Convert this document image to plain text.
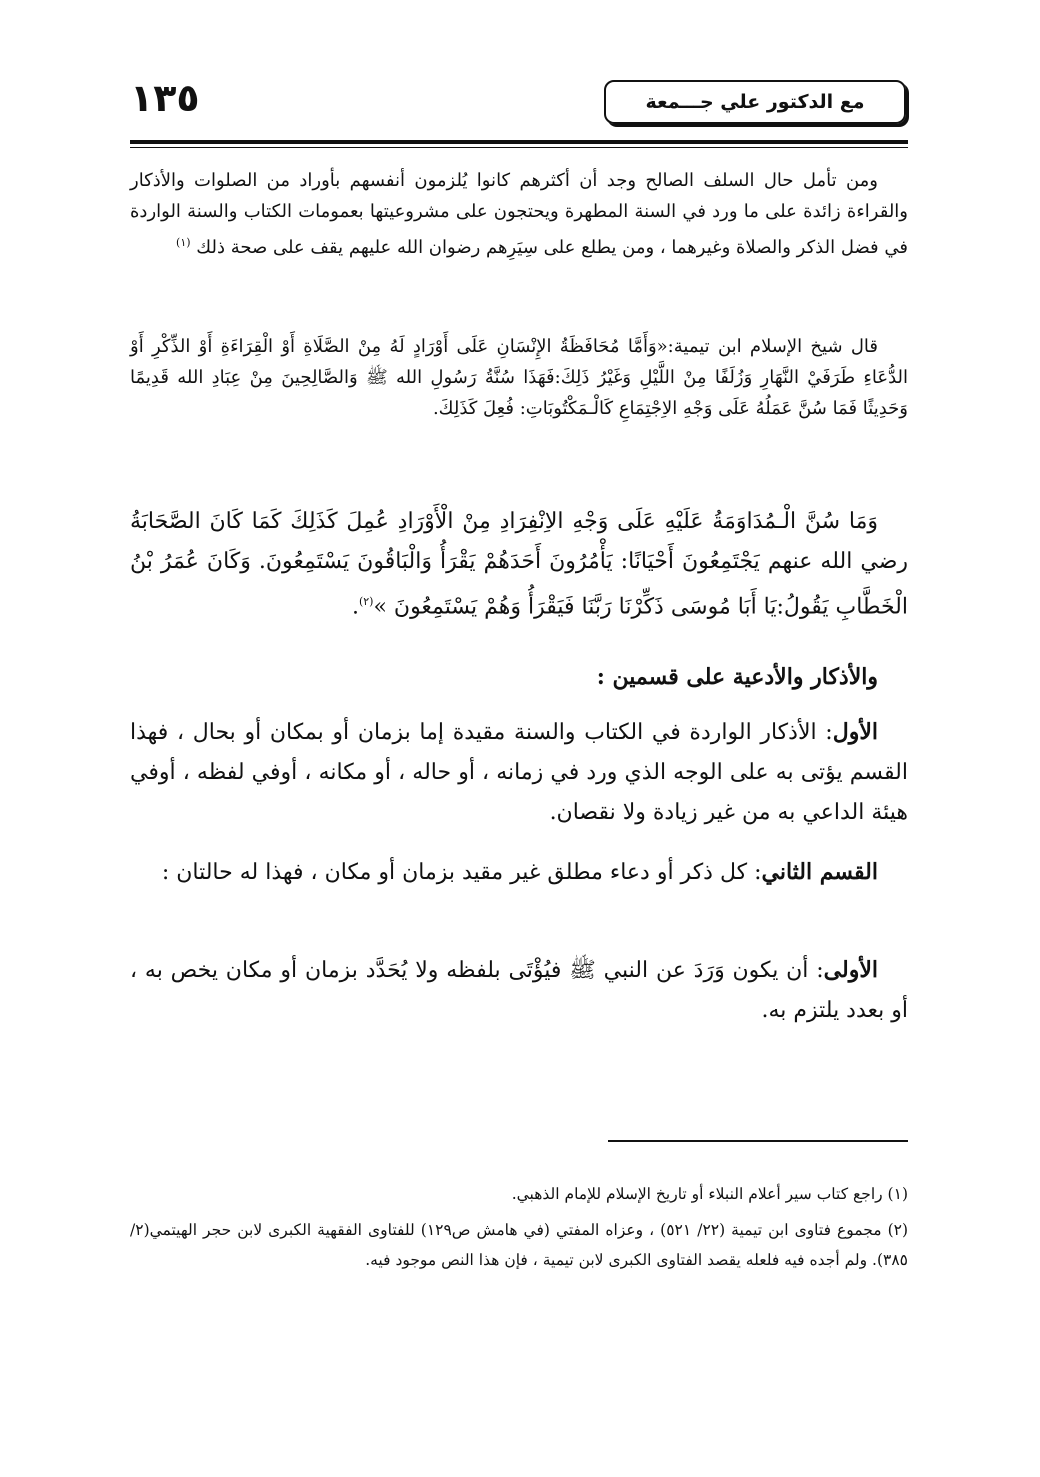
١٣٥	مع الدكتور علي جـــمعة

ومن تأمل حال السلف الصالح وجد أن أكثرهم كانوا يُلزمون أنفسهم بأوراد من الصلوات والأذكار والقراءة زائدة على ما ورد في السنة المطهرة ويحتجون على مشروعيتها بعمومات الكتاب والسنة الواردة في فضل الذكر والصلاة وغيرهما ، ومن يطلع على سِيَرِهم رضوان الله عليهم يقف على صحة ذلك $^{(١)}$

قال شيخ الإسلام ابن تيمية:«وَأَمَّا مُحَافَظَةُ الإِنْسَانِ عَلَى أَوْرَادٍ لَهُ مِنْ الصَّلَاةِ أَوْ الْقِرَاءَةِ أَوْ الذِّكْرِ أَوْ الدُّعَاءِ طَرَفَيْ النَّهَارِ وَزُلَفًا مِنْ اللَّيْلِ وَغَيْرُ ذَلِكَ:فَهَذَا سُنَّةُ رَسُولِ الله ﷺ وَالصَّالِحِينَ مِنْ عِبَادِ الله قَدِيمًا وَحَدِيثًا فَمَا سُنَّ عَمَلُهُ عَلَى وَجْهِ الاِجْتِمَاعِ كَالْـمَكْتُوبَاتِ: فُعِلَ كَذَلِكَ.

وَمَا سُنَّ الْـمُدَاوَمَةُ عَلَيْهِ عَلَى وَجْهِ الاِنْفِرَادِ مِنْ الْأَوْرَادِ عُمِلَ كَذَلِكَ كَمَا كَانَ الصَّحَابَةُ رضي الله عنهم يَجْتَمِعُونَ أَحْيَانًا: يَأْمُرُونَ أَحَدَهُمْ يَقْرَأُ وَالْبَاقُونَ يَسْتَمِعُونَ. وَكَانَ عُمَرُ بْنُ الْخَطَّابِ يَقُولُ:يَا أَبَا مُوسَى ذَكِّرْنَا رَبَّنَا فَيَقْرَأُ وَهُمْ يَسْتَمِعُونَ »$^{(٢)}$.

والأذكار والأدعية على قسمين :

الأول: الأذكار الواردة في الكتاب والسنة مقيدة إما بزمان أو بمكان أو بحال ، فهذا القسم يؤتى به على الوجه الذي ورد في زمانه ، أو حاله ، أو مكانه ، أوفي لفظه ، أوفي هيئة الداعي به من غير زيادة ولا نقصان.

القسم الثاني: كل ذكر أو دعاء مطلق غير مقيد بزمان أو مكان ، فهذا له حالتان :

الأولى: أن يكون وَرَدَ عن النبي ﷺ فيُؤْتَى بلفظه ولا يُحَدَّد بزمان أو مكان يخص به ، أو بعدد يلتزم به.

(١) راجع كتاب سير أعلام النبلاء أو تاريخ الإسلام للإمام الذهبي.

(٢) مجموع فتاوى ابن تيمية (٢٢/ ٥٢١) ، وعزاه المفتي (في هامش ص١٢٩) للفتاوى الفقهية الكبرى لابن حجر الهيتمي(٢/ ٣٨٥). ولم أجده فيه فلعله يقصد الفتاوى الكبرى لابن تيمية ، فإن هذا النص موجود فيه.
